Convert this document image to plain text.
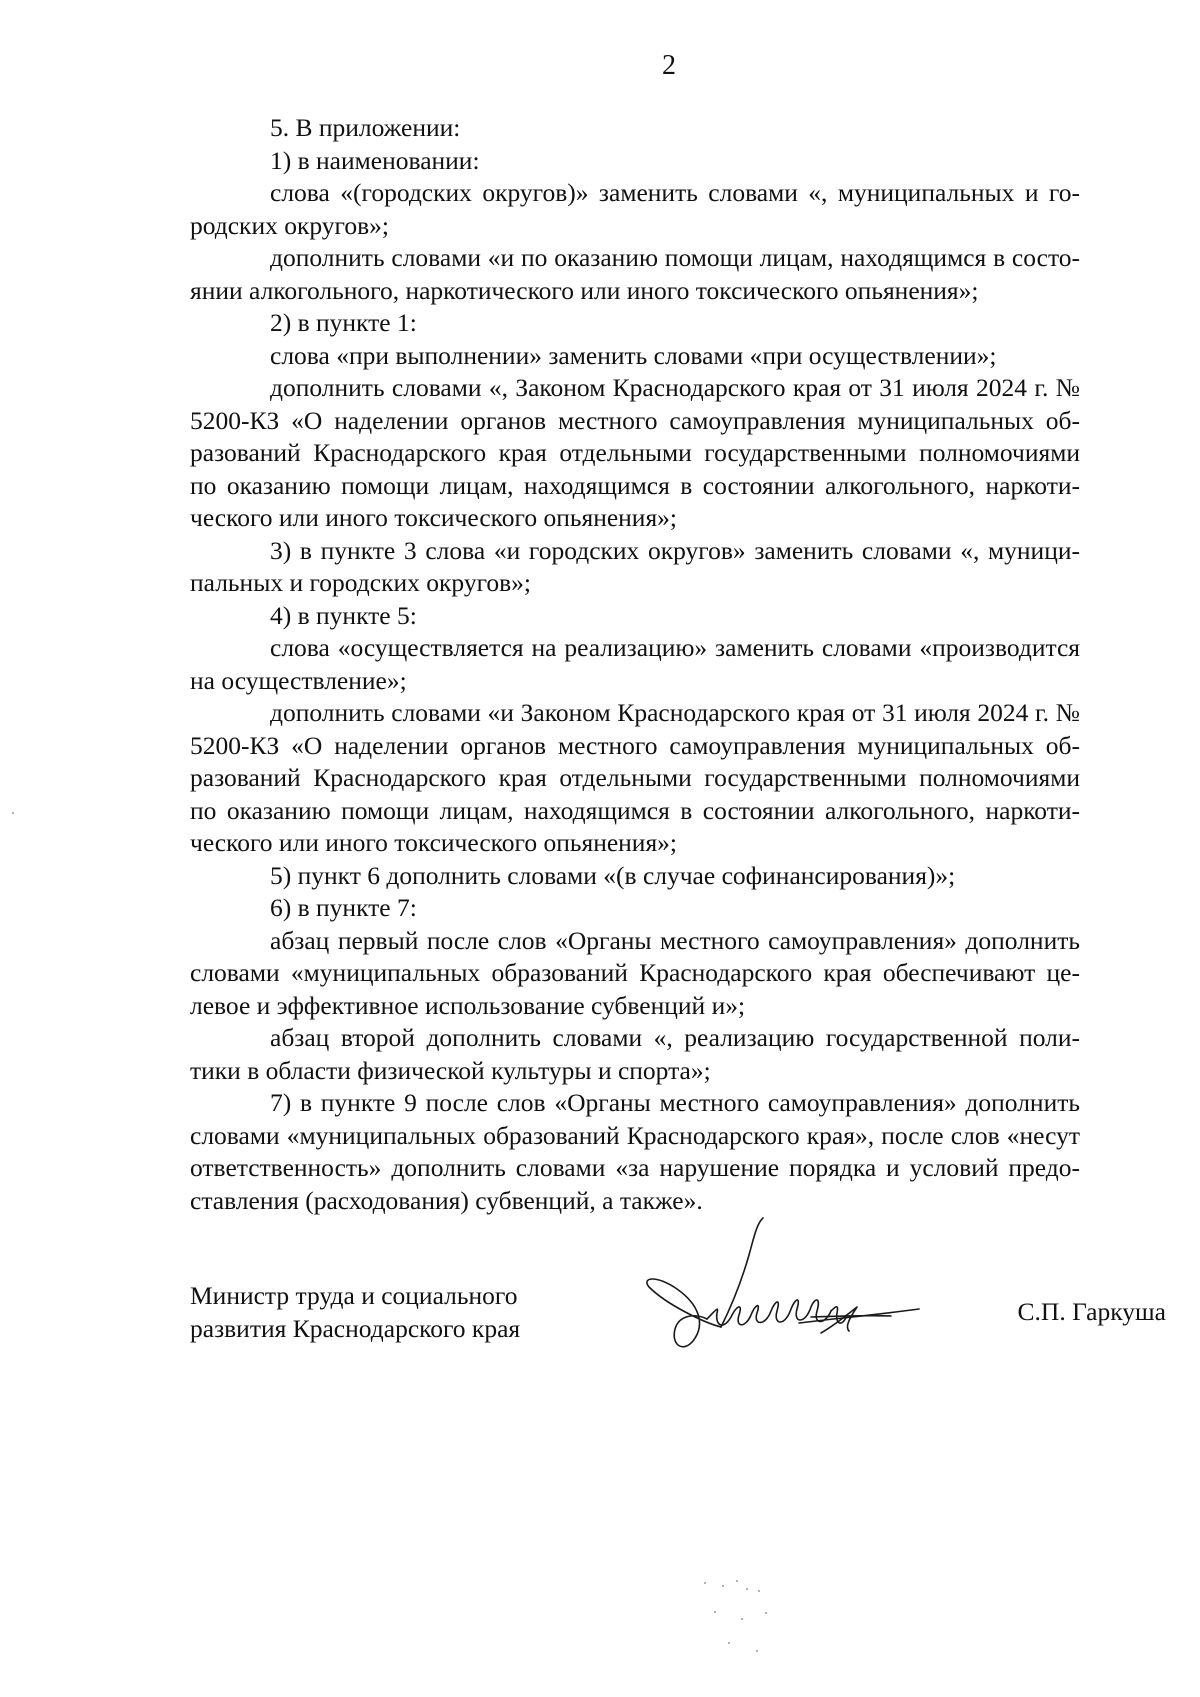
2

5. В приложении:

1) в наименовании:

слова «(городских округов)» заменить словами «, муниципальных и городских округов»;

дополнить словами «и по оказанию помощи лицам, находящимся в состоянии алкогольного, наркотического или иного токсического опьянения»;

2) в пункте 1:

слова «при выполнении» заменить словами «при осуществлении»;

дополнить словами «, Законом Краснодарского края от 31 июля 2024 г. № 5200-КЗ «О наделении органов местного самоуправления муниципальных образований Краснодарского края отдельными государственными полномочиями по оказанию помощи лицам, находящимся в состоянии алкогольного, наркотического или иного токсического опьянения»;

3) в пункте 3 слова «и городских округов» заменить словами «, муниципальных и городских округов»;

4) в пункте 5:

слова «осуществляется на реализацию» заменить словами «производится на осуществление»;

дополнить словами «и Законом Краснодарского края от 31 июля 2024 г. № 5200-КЗ «О наделении органов местного самоуправления муниципальных образований Краснодарского края отдельными государственными полномочиями по оказанию помощи лицам, находящимся в состоянии алкогольного, наркотического или иного токсического опьянения»;

5) пункт 6 дополнить словами «(в случае софинансирования)»;

6) в пункте 7:

абзац первый после слов «Органы местного самоуправления» дополнить словами «муниципальных образований Краснодарского края обеспечивают целевое и эффективное использование субвенций и»;

абзац второй дополнить словами «, реализацию государственной политики в области физической культуры и спорта»;

7) в пункте 9 после слов «Органы местного самоуправления» дополнить словами «муниципальных образований Краснодарского края», после слов «несут ответственность» дополнить словами «за нарушение порядка и условий предоставления (расходования) субвенций, а также».

Министр труда и социального
развития Краснодарского края
С.П. Гаркуша
